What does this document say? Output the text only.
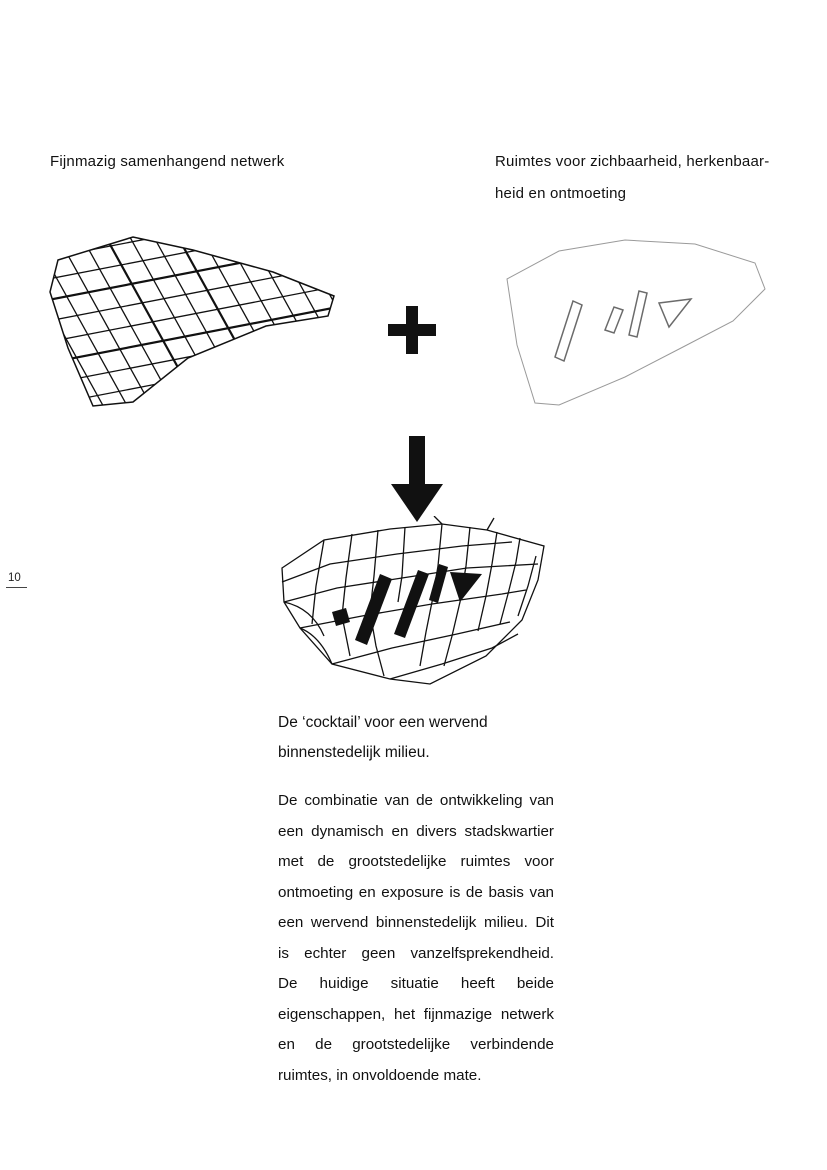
Fijnmazig samenhangend netwerk	Ruimtes voor zichbaarheid, herkenbaar-
heid en ontmoeting
10
De ‘cocktail’ voor een wervend
binnenstedelijk milieu.
De combinatie van de ontwikkeling van
een dynamisch en divers stadskwartier
met de grootstedelijke ruimtes voor
ontmoeting en exposure is de basis van
een wervend binnenstedelijk milieu. Dit
is echter geen vanzelfsprekendheid.
De huidige situatie heeft beide
eigenschappen, het fijnmazige netwerk
en de grootstedelijke verbindende
ruimtes, in onvoldoende mate.
